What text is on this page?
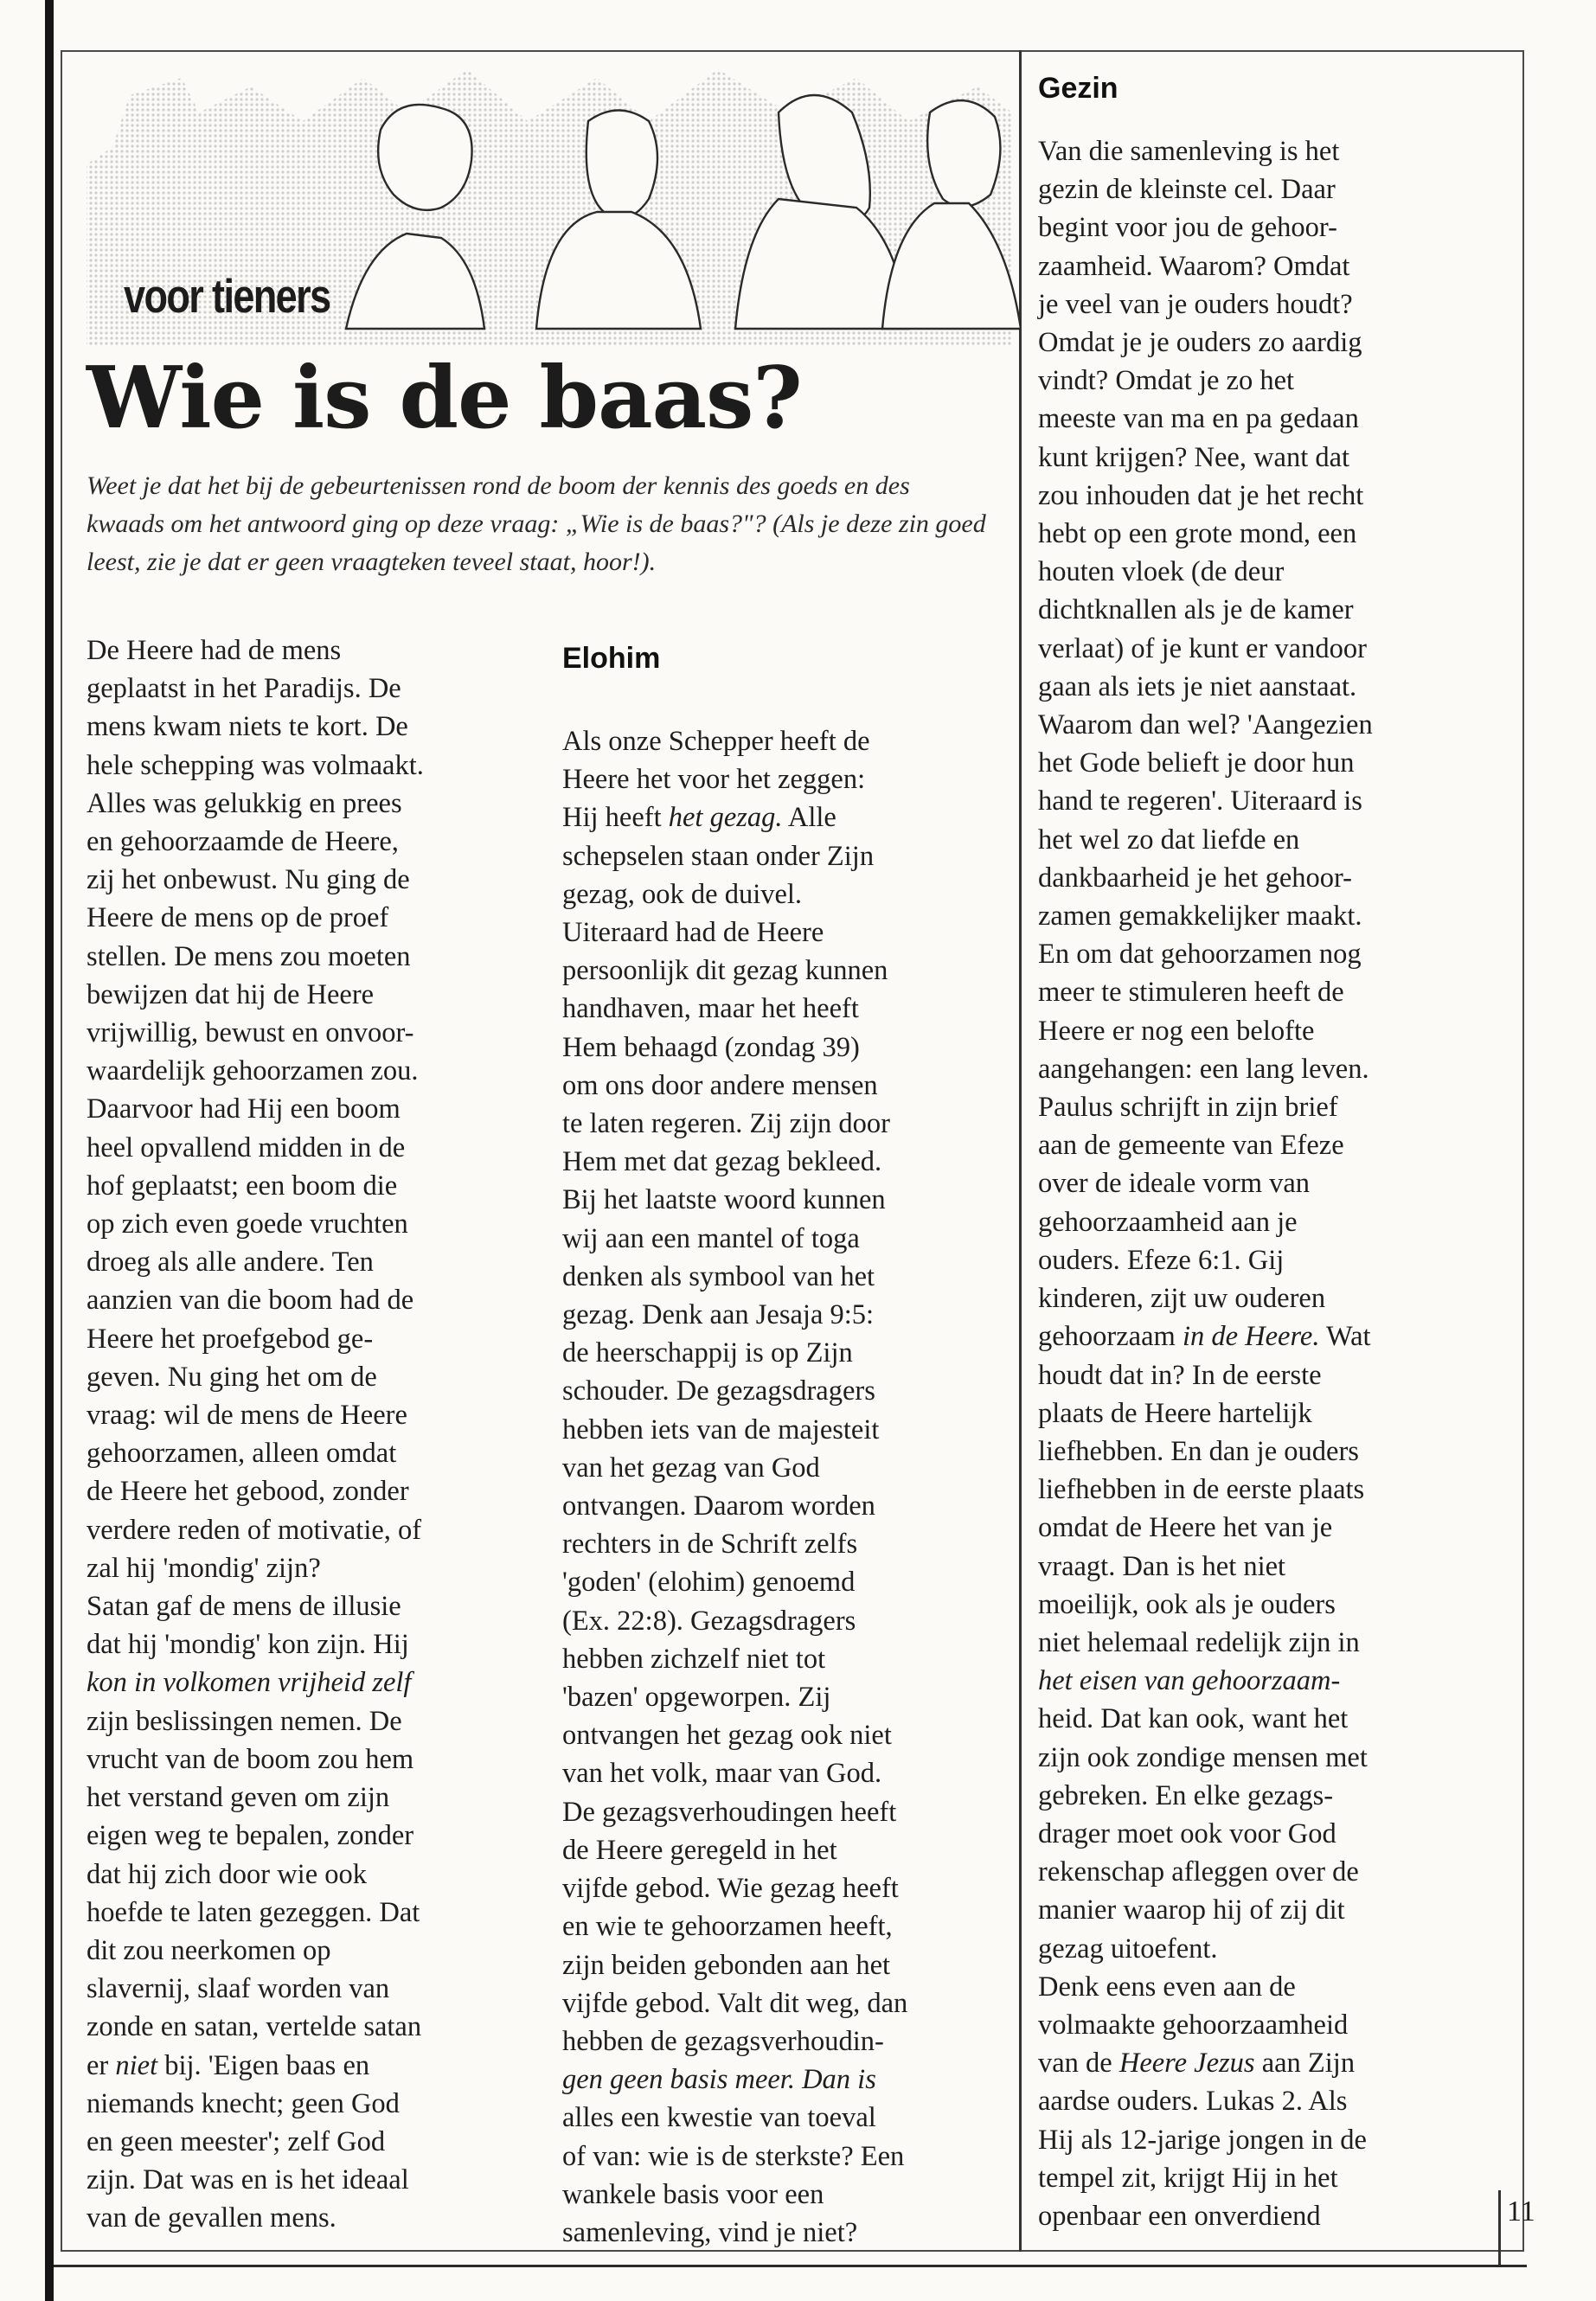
voor tieners

Wie is de baas?

Weet je dat het bij de gebeurtenissen rond de boom der kennis des goeds en des kwaads om het antwoord ging op deze vraag: „Wie is de baas?"? (Als je deze zin goed leest, zie je dat er geen vraagteken teveel staat, hoor!).

De Heere had de mens
geplaatst in het Paradijs. De
mens kwam niets te kort. De
hele schepping was volmaakt.
Alles was gelukkig en prees
en gehoorzaamde de Heere,
zij het onbewust. Nu ging de
Heere de mens op de proef
stellen. De mens zou moeten
bewijzen dat hij de Heere
vrijwillig, bewust en onvoor-
waardelijk gehoorzamen zou.
Daarvoor had Hij een boom
heel opvallend midden in de
hof geplaatst; een boom die
op zich even goede vruchten
droeg als alle andere. Ten
aanzien van die boom had de
Heere het proefgebod ge-
geven. Nu ging het om de
vraag: wil de mens de Heere
gehoorzamen, alleen omdat
de Heere het gebood, zonder
verdere reden of motivatie, of
zal hij 'mondig' zijn?
Satan gaf de mens de illusie
dat hij 'mondig' kon zijn. Hij
kon in volkomen vrijheid zelf
zijn beslissingen nemen. De
vrucht van de boom zou hem
het verstand geven om zijn
eigen weg te bepalen, zonder
dat hij zich door wie ook
hoefde te laten gezeggen. Dat
dit zou neerkomen op
slavernij, slaaf worden van
zonde en satan, vertelde satan
er niet bij. 'Eigen baas en
niemands knecht; geen God
en geen meester'; zelf God
zijn. Dat was en is het ideaal
van de gevallen mens.

Elohim

Als onze Schepper heeft de
Heere het voor het zeggen:
Hij heeft het gezag. Alle
schepselen staan onder Zijn
gezag, ook de duivel.
Uiteraard had de Heere
persoonlijk dit gezag kunnen
handhaven, maar het heeft
Hem behaagd (zondag 39)
om ons door andere mensen
te laten regeren. Zij zijn door
Hem met dat gezag bekleed.
Bij het laatste woord kunnen
wij aan een mantel of toga
denken als symbool van het
gezag. Denk aan Jesaja 9:5:
de heerschappij is op Zijn
schouder. De gezagsdragers
hebben iets van de majesteit
van het gezag van God
ontvangen. Daarom worden
rechters in de Schrift zelfs
'goden' (elohim) genoemd
(Ex. 22:8). Gezagsdragers
hebben zichzelf niet tot
'bazen' opgeworpen. Zij
ontvangen het gezag ook niet
van het volk, maar van God.
De gezagsverhoudingen heeft
de Heere geregeld in het
vijfde gebod. Wie gezag heeft
en wie te gehoorzamen heeft,
zijn beiden gebonden aan het
vijfde gebod. Valt dit weg, dan
hebben de gezagsverhoudin-
gen geen basis meer. Dan is
alles een kwestie van toeval
of van: wie is de sterkste? Een
wankele basis voor een
samenleving, vind je niet?

Gezin

Van die samenleving is het
gezin de kleinste cel. Daar
begint voor jou de gehoor-
zaamheid. Waarom? Omdat
je veel van je ouders houdt?
Omdat je je ouders zo aardig
vindt? Omdat je zo het
meeste van ma en pa gedaan
kunt krijgen? Nee, want dat
zou inhouden dat je het recht
hebt op een grote mond, een
houten vloek (de deur
dichtknallen als je de kamer
verlaat) of je kunt er vandoor
gaan als iets je niet aanstaat.
Waarom dan wel? 'Aangezien
het Gode belieft je door hun
hand te regeren'. Uiteraard is
het wel zo dat liefde en
dankbaarheid je het gehoor-
zamen gemakkelijker maakt.
En om dat gehoorzamen nog
meer te stimuleren heeft de
Heere er nog een belofte
aangehangen: een lang leven.
Paulus schrijft in zijn brief
aan de gemeente van Efeze
over de ideale vorm van
gehoorzaamheid aan je
ouders. Efeze 6:1. Gij
kinderen, zijt uw ouderen
gehoorzaam in de Heere. Wat
houdt dat in? In de eerste
plaats de Heere hartelijk
liefhebben. En dan je ouders
liefhebben in de eerste plaats
omdat de Heere het van je
vraagt. Dan is het niet
moeilijk, ook als je ouders
niet helemaal redelijk zijn in
het eisen van gehoorzaam-
heid. Dat kan ook, want het
zijn ook zondige mensen met
gebreken. En elke gezags-
drager moet ook voor God
rekenschap afleggen over de
manier waarop hij of zij dit
gezag uitoefent.
Denk eens even aan de
volmaakte gehoorzaamheid
van de Heere Jezus aan Zijn
aardse ouders. Lukas 2. Als
Hij als 12-jarige jongen in de
tempel zit, krijgt Hij in het
openbaar een onverdiend	11
